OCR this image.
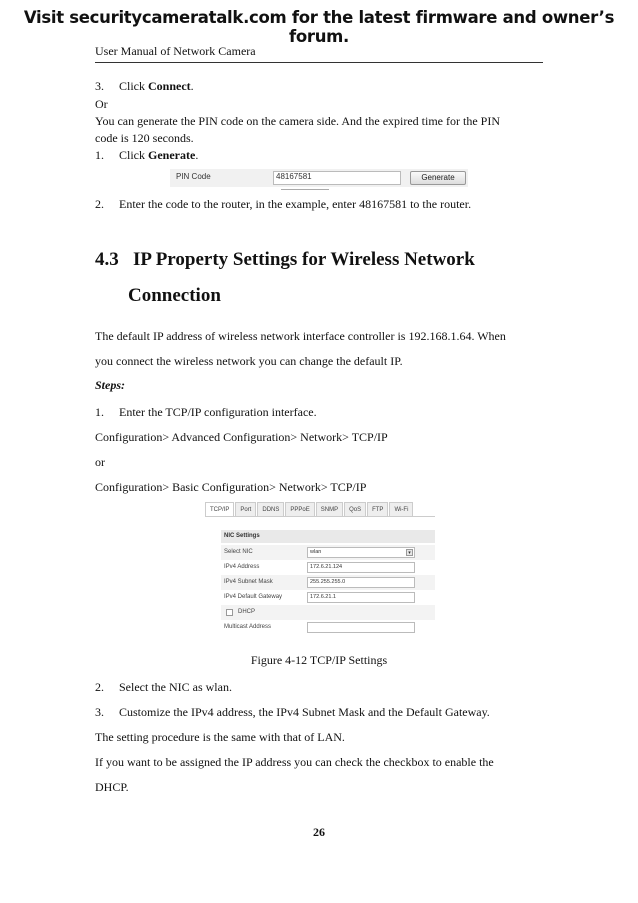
Visit securitycameratalk.com for the latest firmware and owner’s forum.
User Manual of Network Camera
3. Click Connect.
Or
You can generate the PIN code on the camera side. And the expired time for the PIN
code is 120 seconds.
1. Click Generate.
PIN Code	48167581	Generate
2. Enter the code to the router, in the example, enter 48167581 to the router.
4.3 IP Property Settings for Wireless Network
Connection
The default IP address of wireless network interface controller is 192.168.1.64. When
you connect the wireless network you can change the default IP.
Steps:
1. Enter the TCP/IP configuration interface.
Configuration> Advanced Configuration> Network> TCP/IP
or
Configuration> Basic Configuration> Network> TCP/IP
TCP/IP	Port	DDNS	PPPoE	SNMP	QoS	FTP	Wi-Fi
NIC Settings
Select NIC	wlan	▾
IPv4 Address	172.6.21.124
IPv4 Subnet Mask	255.255.255.0
IPv4 Default Gateway	172.6.21.1
DHCP
Multicast Address
Figure 4-12 TCP/IP Settings
2. Select the NIC as wlan.
3. Customize the IPv4 address, the IPv4 Subnet Mask and the Default Gateway.
The setting procedure is the same with that of LAN.
If you want to be assigned the IP address you can check the checkbox to enable the
DHCP.
26
